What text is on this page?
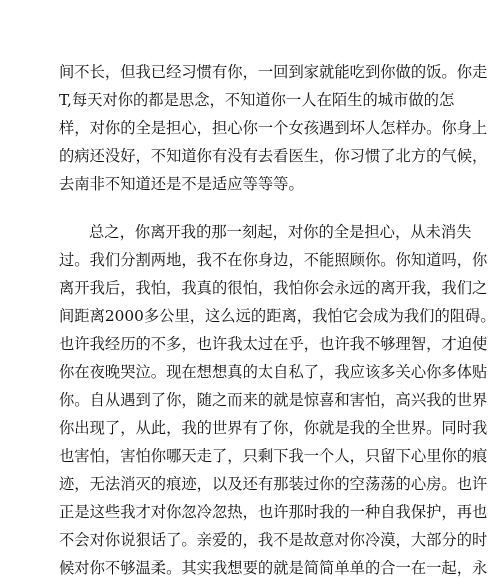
间不长，但我已经习惯有你，一回到家就能吃到你做的饭。你走
T,每天对你的都是思念，不知道你一人在陌生的城市做的怎
样，对你的全是担心，担心你一个女孩遇到坏人怎样办。你身上
的病还没好，不知道你有没有去看医生，你习惯了北方的气候，
去南非不知道还是不是适应等等等。
总之，你离开我的那一刻起，对你的全是担心，从未消失
过。我们分割两地，我不在你身边，不能照顾你。你知道吗，你
离开我后，我怕，我真的很怕，我怕你会永远的离开我，我们之
间距离2000多公里，这么远的距离，我怕它会成为我们的阻碍。
也许我经历的不多，也许我太过在乎，也许我不够理智，才迫使
你在夜晚哭泣。现在想想真的太自私了，我应该多关心你多体贴
你。自从遇到了你，随之而来的就是惊喜和害怕，高兴我的世界
你出现了，从此，我的世界有了你，你就是我的全世界。同时我
也害怕，害怕你哪天走了，只剩下我一个人，只留下心里你的痕
迹，无法消灭的痕迹，以及还有那装过你的空荡荡的心房。也许
正是这些我才对你忽冷忽热，也许那时我的一种自我保护，再也
不会对你说狠话了。亲爱的，我不是故意对你冷漠，大部分的时
候对你不够温柔。其实我想要的就是简简单单的合一在一起，永
